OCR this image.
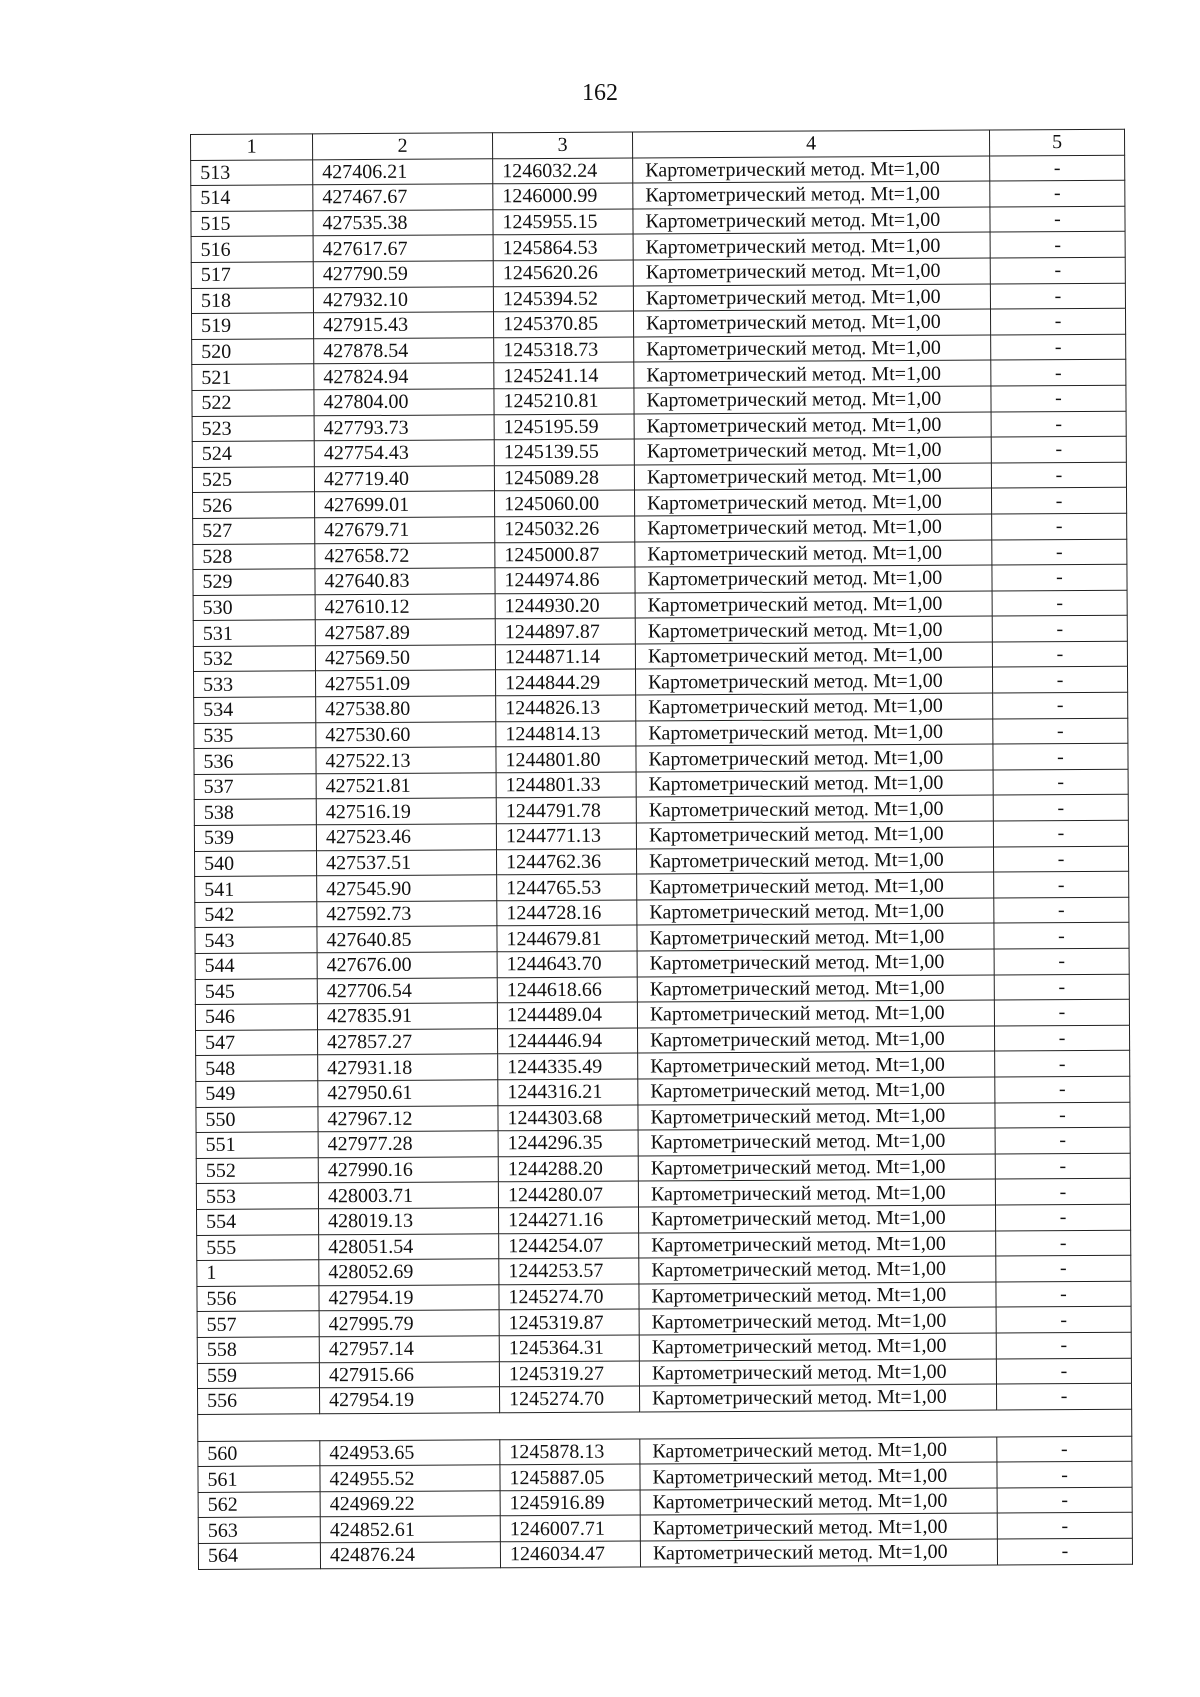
162
1	2	3	4	5
513	427406.21	1246032.24	Картометрический метод. Mt=1,00	-
514	427467.67	1246000.99	Картометрический метод. Mt=1,00	-
515	427535.38	1245955.15	Картометрический метод. Mt=1,00	-
516	427617.67	1245864.53	Картометрический метод. Mt=1,00	-
517	427790.59	1245620.26	Картометрический метод. Mt=1,00	-
518	427932.10	1245394.52	Картометрический метод. Mt=1,00	-
519	427915.43	1245370.85	Картометрический метод. Mt=1,00	-
520	427878.54	1245318.73	Картометрический метод. Mt=1,00	-
521	427824.94	1245241.14	Картометрический метод. Mt=1,00	-
522	427804.00	1245210.81	Картометрический метод. Mt=1,00	-
523	427793.73	1245195.59	Картометрический метод. Mt=1,00	-
524	427754.43	1245139.55	Картометрический метод. Mt=1,00	-
525	427719.40	1245089.28	Картометрический метод. Mt=1,00	-
526	427699.01	1245060.00	Картометрический метод. Mt=1,00	-
527	427679.71	1245032.26	Картометрический метод. Mt=1,00	-
528	427658.72	1245000.87	Картометрический метод. Mt=1,00	-
529	427640.83	1244974.86	Картометрический метод. Mt=1,00	-
530	427610.12	1244930.20	Картометрический метод. Mt=1,00	-
531	427587.89	1244897.87	Картометрический метод. Mt=1,00	-
532	427569.50	1244871.14	Картометрический метод. Mt=1,00	-
533	427551.09	1244844.29	Картометрический метод. Mt=1,00	-
534	427538.80	1244826.13	Картометрический метод. Mt=1,00	-
535	427530.60	1244814.13	Картометрический метод. Mt=1,00	-
536	427522.13	1244801.80	Картометрический метод. Mt=1,00	-
537	427521.81	1244801.33	Картометрический метод. Mt=1,00	-
538	427516.19	1244791.78	Картометрический метод. Mt=1,00	-
539	427523.46	1244771.13	Картометрический метод. Mt=1,00	-
540	427537.51	1244762.36	Картометрический метод. Mt=1,00	-
541	427545.90	1244765.53	Картометрический метод. Mt=1,00	-
542	427592.73	1244728.16	Картометрический метод. Mt=1,00	-
543	427640.85	1244679.81	Картометрический метод. Mt=1,00	-
544	427676.00	1244643.70	Картометрический метод. Mt=1,00	-
545	427706.54	1244618.66	Картометрический метод. Mt=1,00	-
546	427835.91	1244489.04	Картометрический метод. Mt=1,00	-
547	427857.27	1244446.94	Картометрический метод. Mt=1,00	-
548	427931.18	1244335.49	Картометрический метод. Mt=1,00	-
549	427950.61	1244316.21	Картометрический метод. Mt=1,00	-
550	427967.12	1244303.68	Картометрический метод. Mt=1,00	-
551	427977.28	1244296.35	Картометрический метод. Mt=1,00	-
552	427990.16	1244288.20	Картометрический метод. Mt=1,00	-
553	428003.71	1244280.07	Картометрический метод. Mt=1,00	-
554	428019.13	1244271.16	Картометрический метод. Mt=1,00	-
555	428051.54	1244254.07	Картометрический метод. Mt=1,00	-
1	428052.69	1244253.57	Картометрический метод. Mt=1,00	-
556	427954.19	1245274.70	Картометрический метод. Mt=1,00	-
557	427995.79	1245319.87	Картометрический метод. Mt=1,00	-
558	427957.14	1245364.31	Картометрический метод. Mt=1,00	-
559	427915.66	1245319.27	Картометрический метод. Mt=1,00	-
556	427954.19	1245274.70	Картометрический метод. Mt=1,00	-

560	424953.65	1245878.13	Картометрический метод. Mt=1,00	-
561	424955.52	1245887.05	Картометрический метод. Mt=1,00	-
562	424969.22	1245916.89	Картометрический метод. Mt=1,00	-
563	424852.61	1246007.71	Картометрический метод. Mt=1,00	-
564	424876.24	1246034.47	Картометрический метод. Mt=1,00	-
